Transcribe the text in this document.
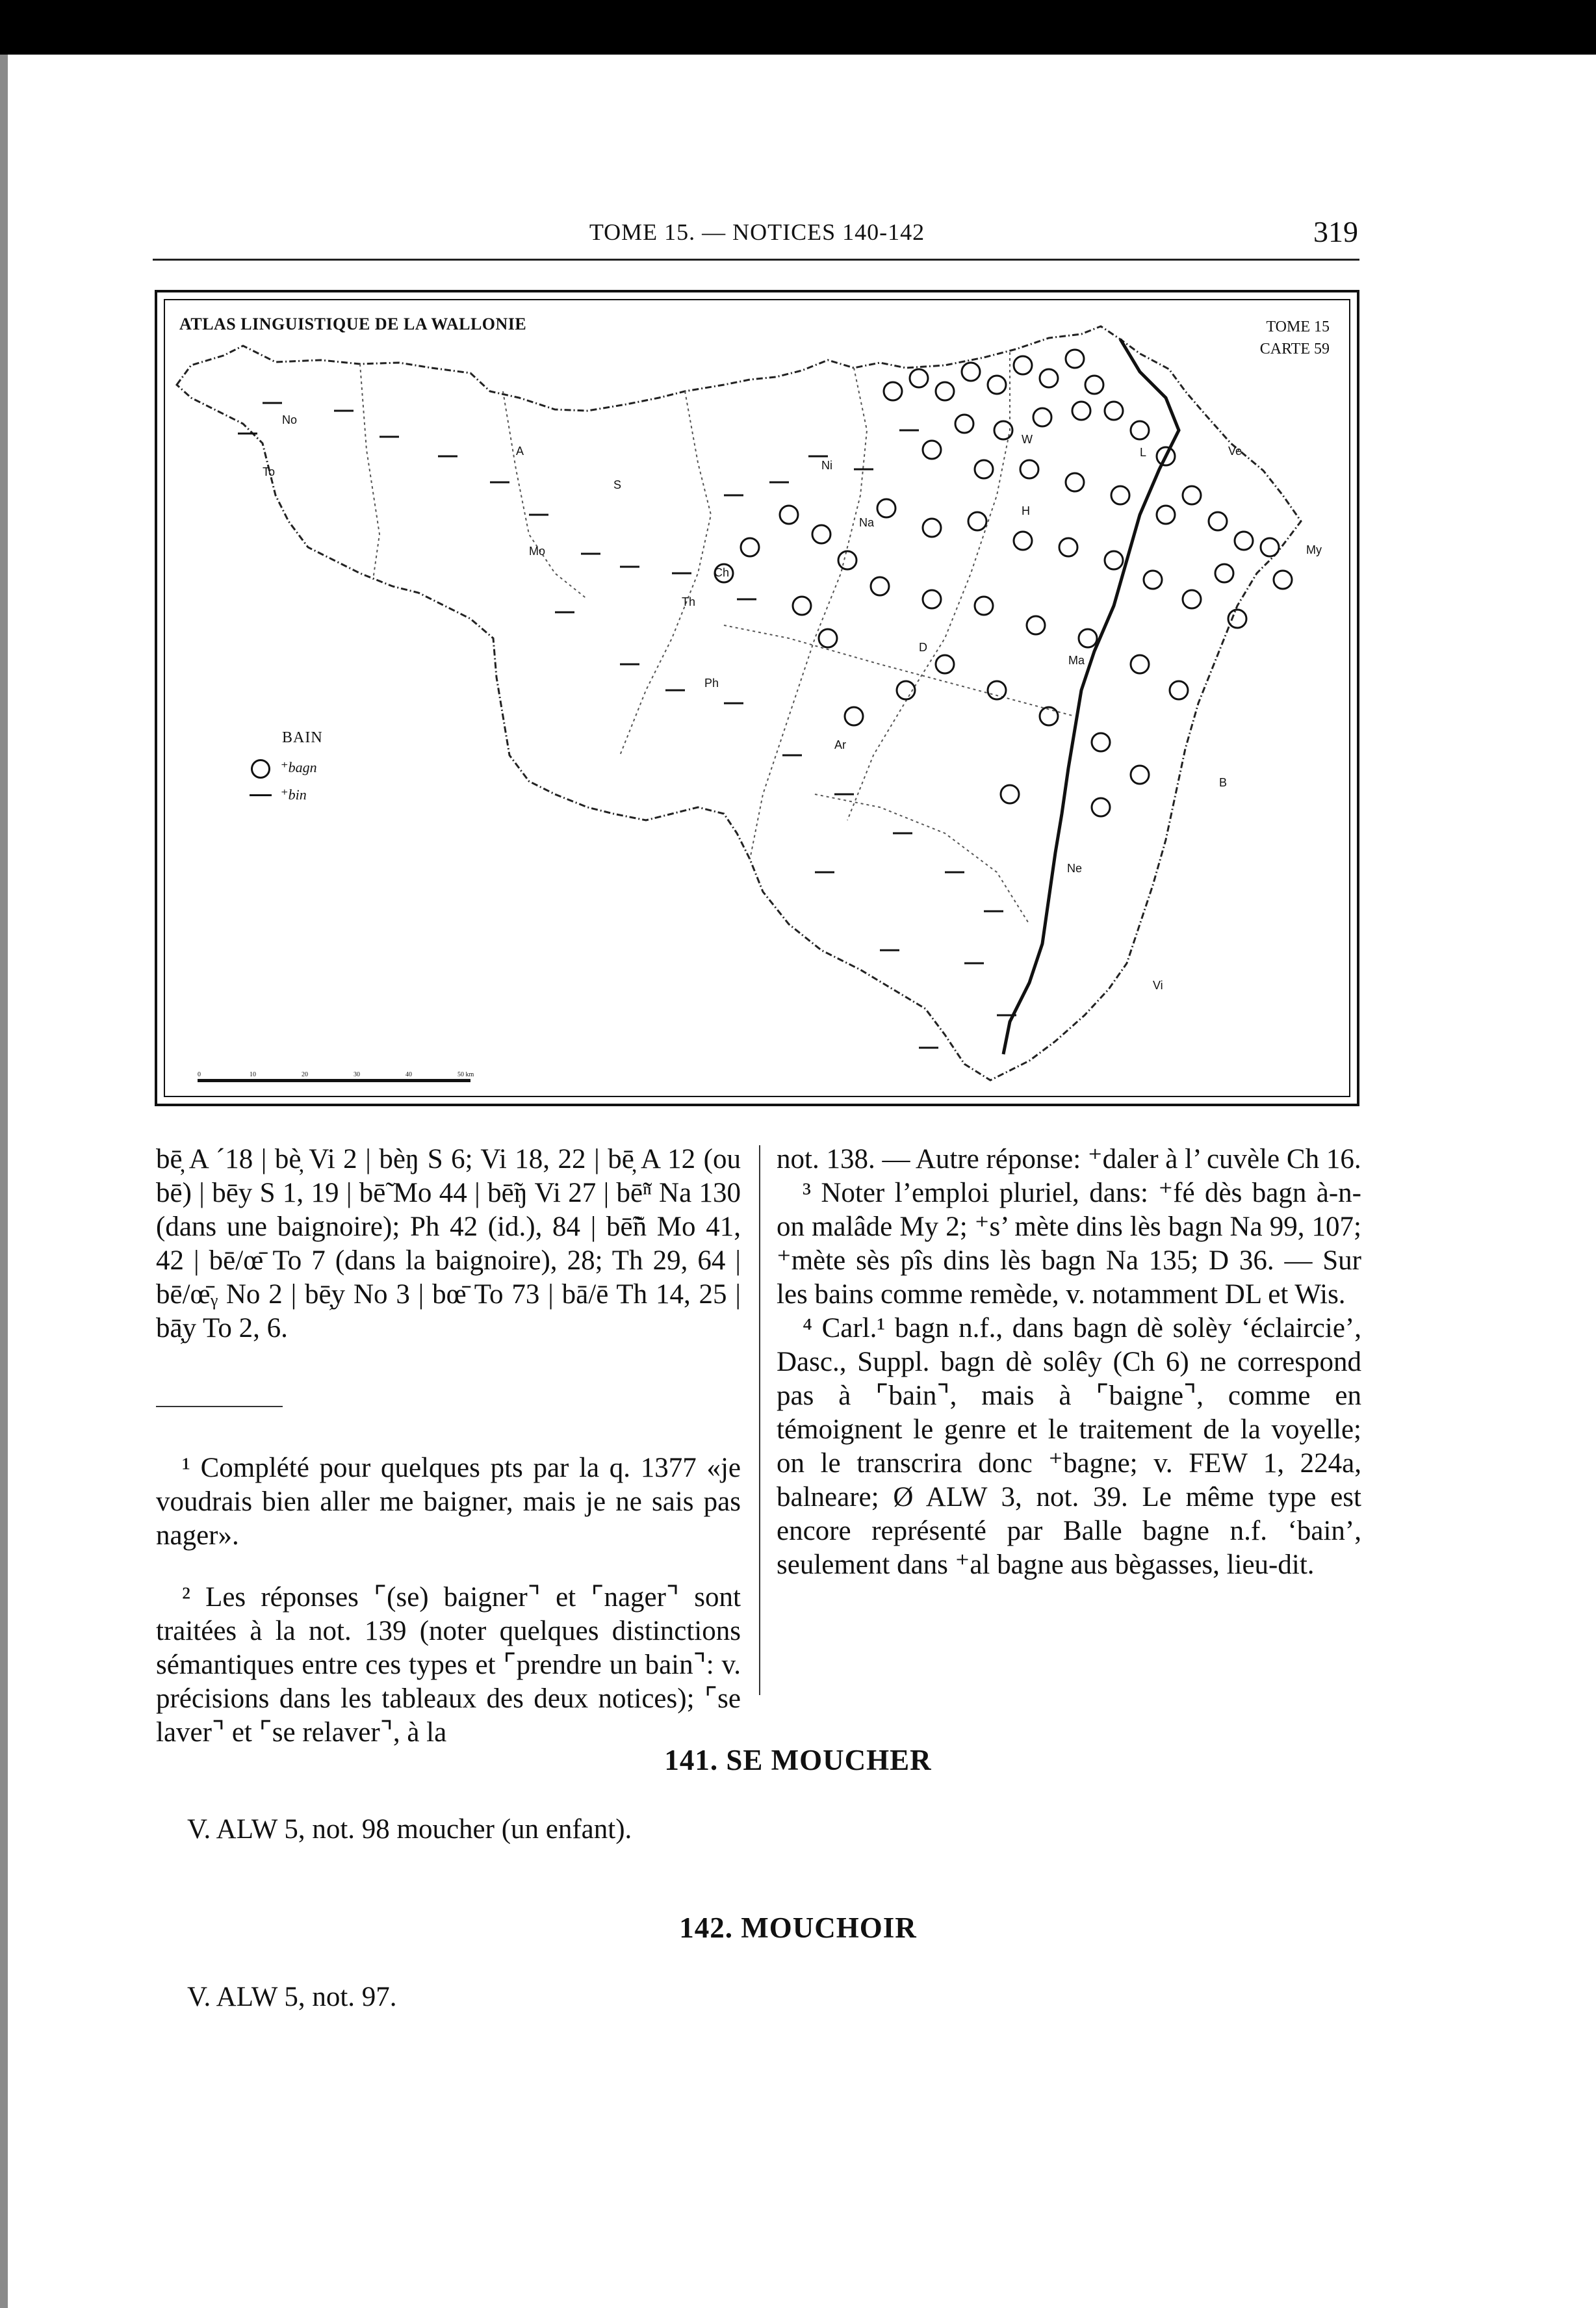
TOME 15. — NOTICES 140-142	319
No
To
A
S
Ni
Mo
Ch
Th
Ph
Na
H
W
L	Ve
My
D
Ma
Ar
B
Ne
Vi
ATLAS LINGUISTIQUE DE LA WALLONIE	TOME 15
CARTE 59
BAIN
⁺bagn
⁺bin
0	10	20	30	40	50 km

bē̦ A ´18 | bè̦ Vi 2 | bèŋ S 6; Vi 18, 22 | bē̦ A 12 (ou bē) | bēy S 1, 19 | bē̃ Mo 44 | bē̃ŋ Vi 27 | bē̃ⁿ Na 130 (dans une baignoire); Ph 42 (id.), 84 | bē̃ñ Mo 41, 42 | bē/œ̄ To 7 (dans la baignoire), 28; Th 29, 64 | bē/œ̄ᵧ No 2 | bē̦y No 3 | bœ̄ To 73 | bā/ē Th 14, 25 | bā̦y To 2, 6.

¹ Complété pour quelques pts par la q. 1377 «je voudrais bien aller me baigner, mais je ne sais pas nager».

² Les réponses ⌜(se) baigner⌝ et ⌜nager⌝ sont traitées à la not. 139 (noter quelques distinctions sémantiques entre ces types et ⌜prendre un bain⌝: v. précisions dans les tableaux des deux notices); ⌜se laver⌝ et ⌜se relaver⌝, à la

not. 138. — Autre réponse: ⁺daler à l’ cuvèle Ch 16.

³ Noter l’emploi pluriel, dans: ⁺fé dès bagn à-n-on malâde My 2; ⁺s’ mète dins lès bagn Na 99, 107; ⁺mète sès pîs dins lès bagn Na 135; D 36. — Sur les bains comme remède, v. notamment DL et Wis.

⁴ Carl.¹ bagn n.f., dans bagn dè solèy ‘éclaircie’, Dasc., Suppl. bagn dè solêy (Ch 6) ne correspond pas à ⌜bain⌝, mais à ⌜baigne⌝, comme en témoignent le genre et le traitement de la voyelle; on le transcrira donc ⁺bagne; v. FEW 1, 224a, balneare; Ø ALW 3, not. 39. Le même type est encore représenté par Balle bagne n.f. ‘bain’, seulement dans ⁺al bagne aus bègasses, lieu-dit.

141. SE MOUCHER
V. ALW 5, not. 98 moucher (un enfant).
142. MOUCHOIR
V. ALW 5, not. 97.
